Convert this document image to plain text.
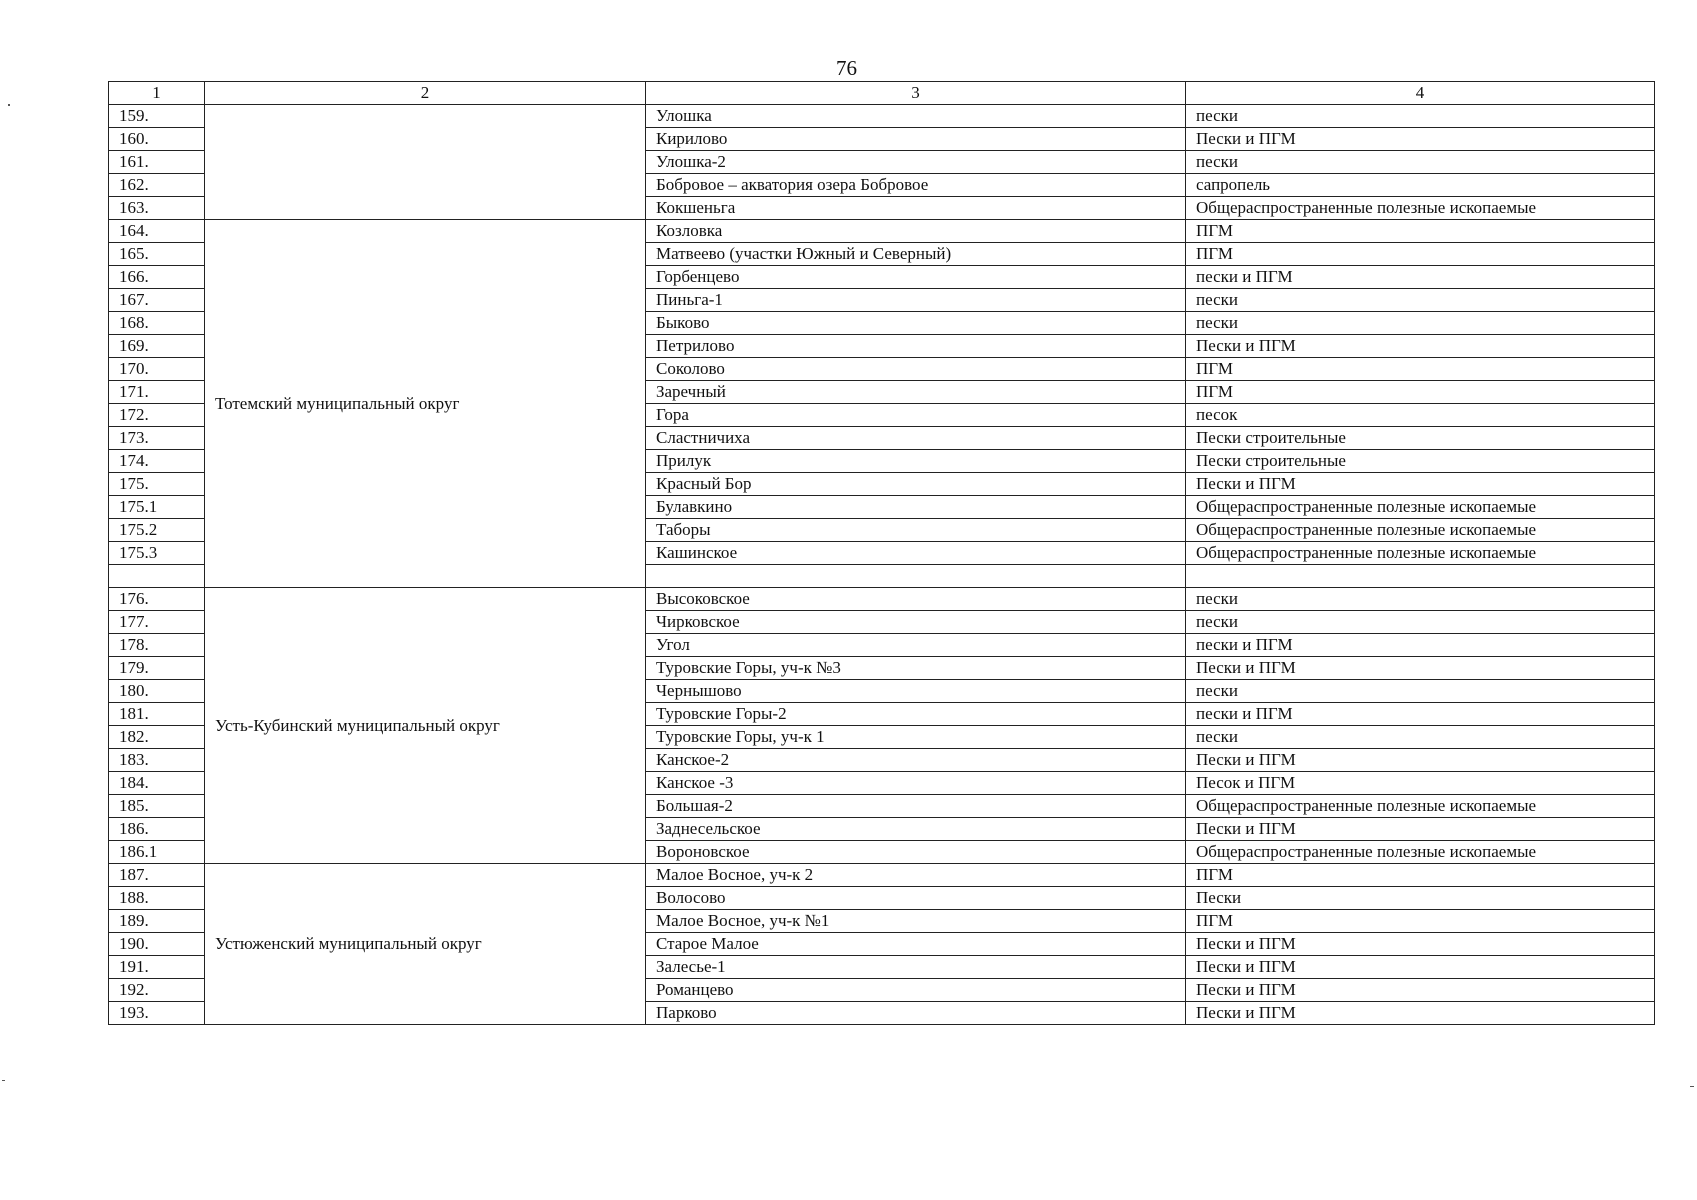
76
1	2	3	4
159.		Улошка	пески
160.		Кирилово	Пески и ПГМ
161.		Улошка-2	пески
162.		Бобровое – акватория озера Бобровое	сапропель
163.		Кокшеньга	Общераспространенные полезные ископаемые
164.	Тотемский муниципальный округ	Козловка	ПГМ
165.		Матвеево (участки Южный и Северный)	ПГМ
166.		Горбенцево	пески и ПГМ
167.		Пиньга-1	пески
168.		Быково	пески
169.		Петрилово	Пески и ПГМ
170.		Соколово	ПГМ
171.		Заречный	ПГМ
172.		Гора	песок
173.		Сластничиха	Пески строительные
174.		Прилук	Пески строительные
175.		Красный Бор	Пески и ПГМ
175.1		Булавкино	Общераспространенные полезные ископаемые
175.2		Таборы	Общераспространенные полезные ископаемые
175.3		Кашинское	Общераспространенные полезные ископаемые

176.	Усть-Кубинский муниципальный округ	Высоковское	пески
177.		Чирковское	пески
178.		Угол	пески и ПГМ
179.		Туровские Горы, уч-к №3	Пески и ПГМ
180.		Чернышово	пески
181.		Туровские Горы-2	пески и ПГМ
182.		Туровские Горы, уч-к 1	пески
183.		Канское-2	Пески и ПГМ
184.		Канское -3	Песок и ПГМ
185.		Большая-2	Общераспространенные полезные ископаемые
186.		Заднесельское	Пески и ПГМ
186.1		Вороновское	Общераспространенные полезные ископаемые
187.	Устюженский муниципальный округ	Малое Восное, уч-к 2	ПГМ
188.		Волосово	Пески
189.		Малое Восное, уч-к №1	ПГМ
190.		Старое Малое	Пески и ПГМ
191.		Залесье-1	Пески и ПГМ
192.		Романцево	Пески и ПГМ
193.		Парково	Пески и ПГМ
